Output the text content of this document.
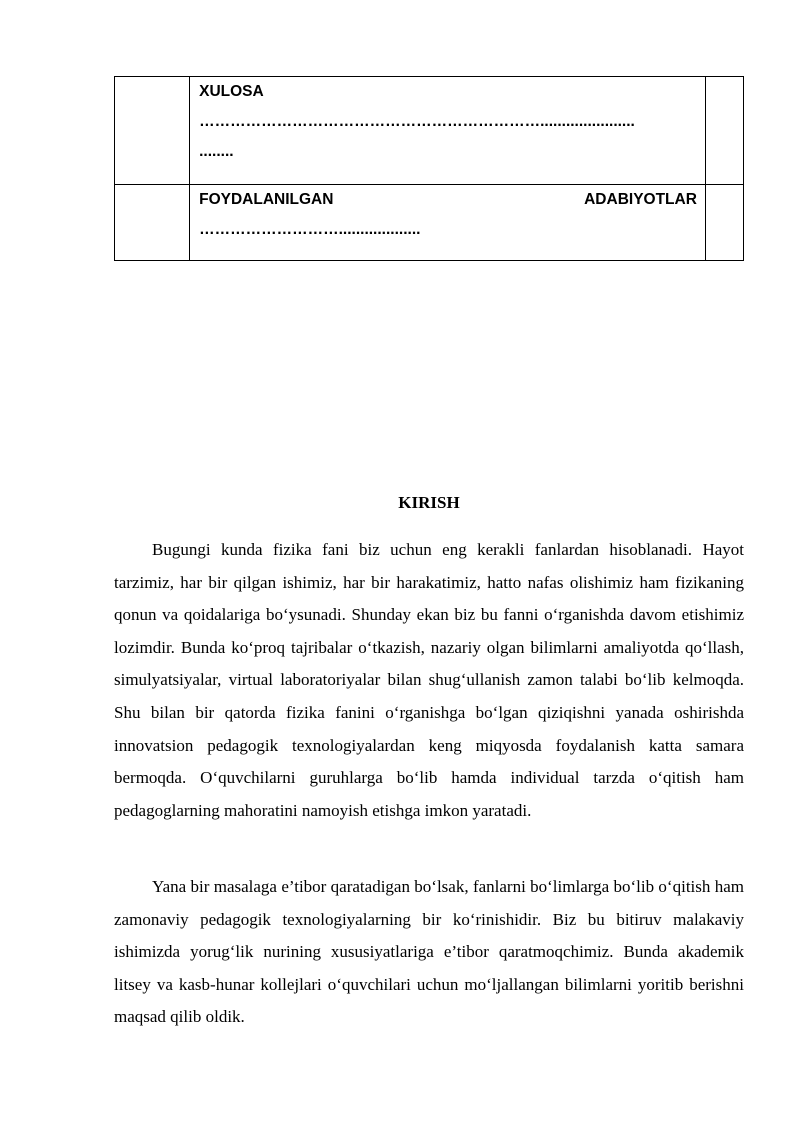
	XULOSA
…………………………………………………………......................
........	

	FOYDALANILGAN ADABIYOTLAR
………………………...................	

KIRISH

Bugungi kunda fizika fani biz uchun eng kerakli fanlardan hisoblanadi. Hayot tarzimiz, har bir qilgan ishimiz, har bir harakatimiz, hatto nafas olishimiz ham fizikaning qonun va qoidalariga bo‘ysunadi. Shunday ekan biz bu fanni o‘rganishda davom etishimiz lozimdir. Bunda ko‘proq tajribalar o‘tkazish, nazariy olgan bilimlarni amaliyotda qo‘llash, simulyatsiyalar, virtual laboratoriyalar bilan shug‘ullanish zamon talabi bo‘lib kelmoqda. Shu bilan bir qatorda fizika fanini o‘rganishga bo‘lgan qiziqishni yanada oshirishda innovatsion pedagogik texnologiyalardan keng miqyosda foydalanish katta samara bermoqda. O‘quvchilarni guruhlarga bo‘lib hamda individual tarzda o‘qitish ham pedagoglarning mahoratini namoyish etishga imkon yaratadi.

Yana bir masalaga e’tibor qaratadigan bo‘lsak, fanlarni bo‘limlarga bo‘lib o‘qitish ham zamonaviy pedagogik texnologiyalarning bir ko‘rinishidir. Biz bu bitiruv malakaviy ishimizda yorug‘lik nurining xususiyatlariga e’tibor qaratmoqchimiz. Bunda akademik litsey va kasb-hunar kollejlari o‘quvchilari uchun mo‘ljallangan bilimlarni yoritib berishni maqsad qilib oldik.
